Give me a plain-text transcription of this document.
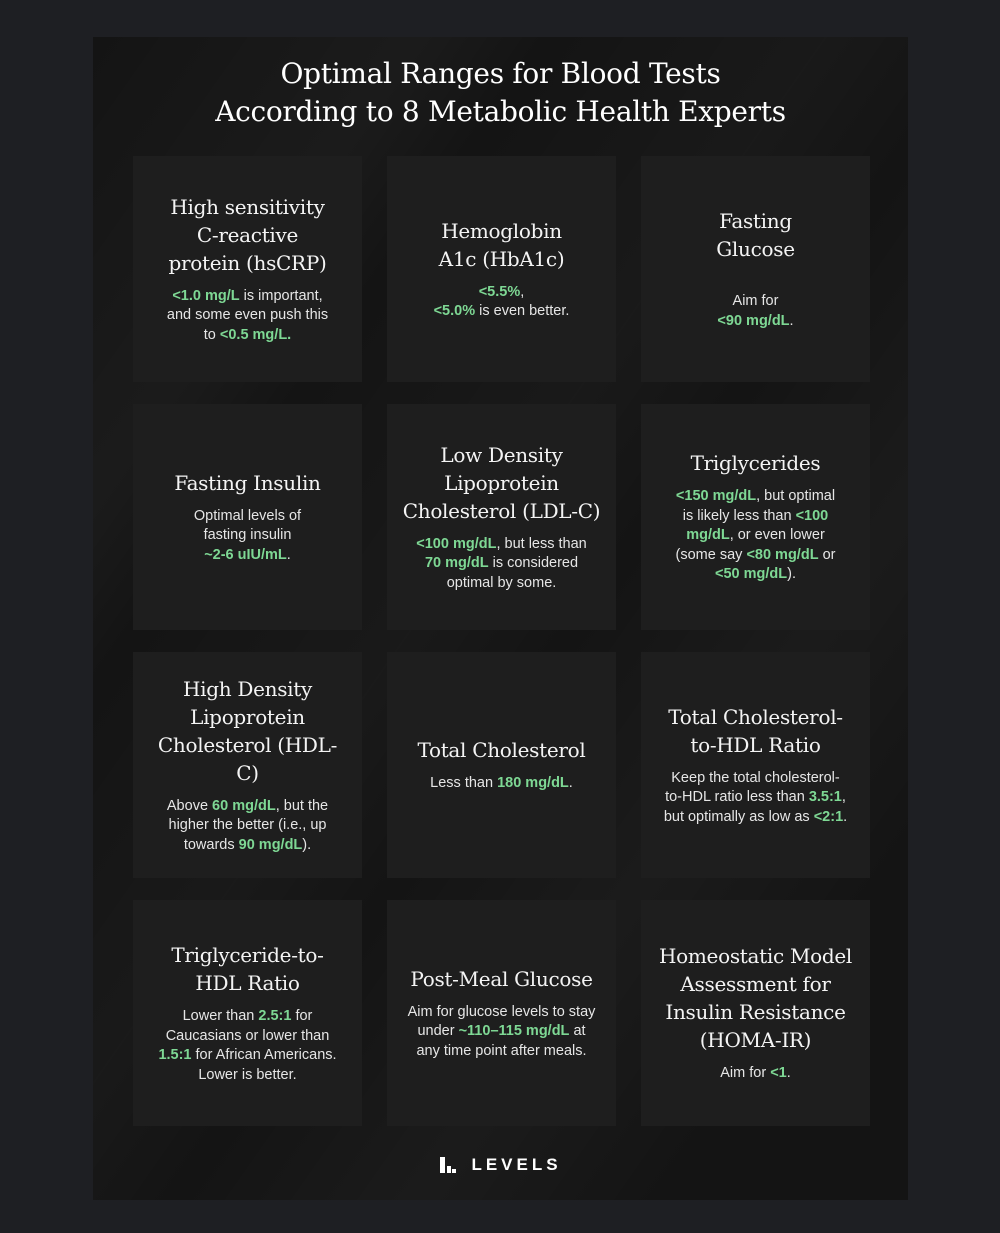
Optimal Ranges for Blood Tests
According to 8 Metabolic Health Experts
High sensitivity
C-reactive
protein (hsCRP)
<1.0 mg/L is important,
and some even push this
to <0.5 mg/L.
Hemoglobin
A1c (HbA1c)
<5.5%,
<5.0% is even better.
Fasting
Glucose
Aim for
<90 mg/dL.
Fasting Insulin
Optimal levels of
fasting insulin
~2-6 uIU/mL.
Low Density
Lipoprotein
Cholesterol (LDL-C)
<100 mg/dL, but less than
70 mg/dL is considered
optimal by some.
Triglycerides
<150 mg/dL, but optimal
is likely less than <100
mg/dL, or even lower
(some say <80 mg/dL or
<50 mg/dL).
High Density
Lipoprotein
Cholesterol (HDL-C)
Above 60 mg/dL, but the
higher the better (i.e., up
towards 90 mg/dL).
Total Cholesterol
Less than 180 mg/dL.
Total Cholesterol-
to-HDL Ratio
Keep the total cholesterol-
to-HDL ratio less than 3.5:1,
but optimally as low as <2:1.
Triglyceride-to-
HDL Ratio
Lower than 2.5:1 for
Caucasians or lower than
1.5:1 for African Americans.
Lower is better.
Post-Meal Glucose
Aim for glucose levels to stay
under ~110–115 mg/dL at
any time point after meals.
Homeostatic Model
Assessment for
Insulin Resistance
(HOMA-IR)
Aim for <1.
LEVELS
